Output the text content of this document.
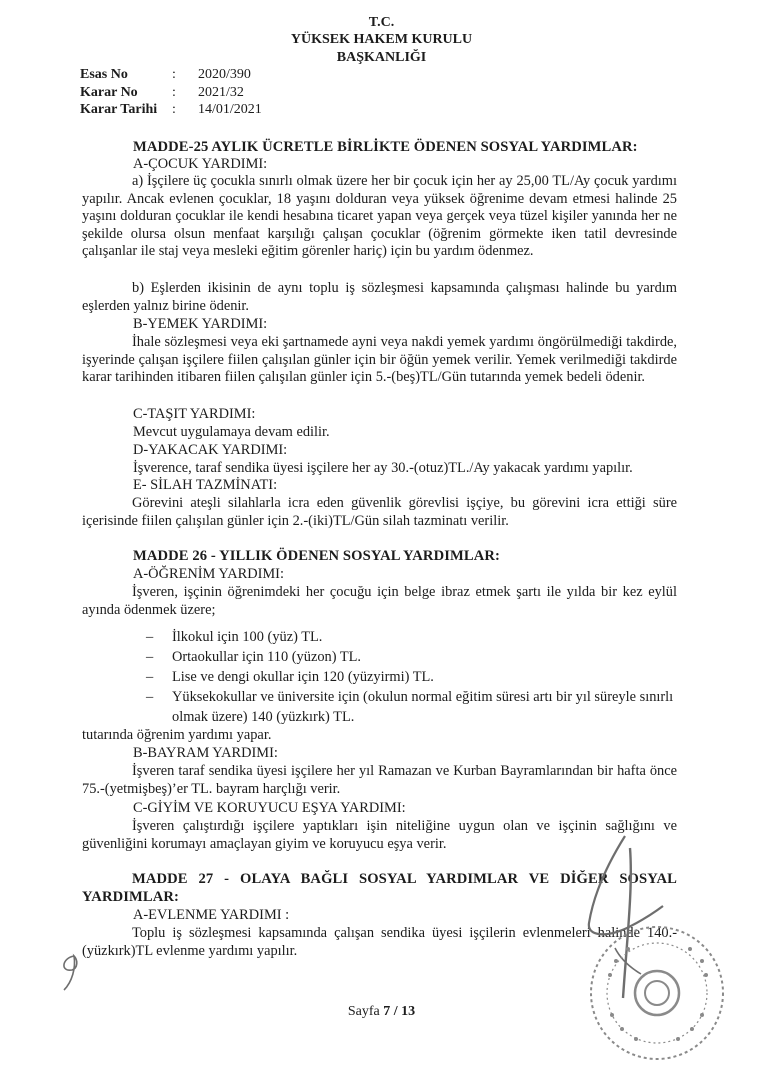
T.C.
YÜKSEK HAKEM KURULU
BAŞKANLIĞI
Esas No	:	2020/390
Karar No	:	2021/32
Karar Tarihi	:	14/01/2021
MADDE-25 AYLIK ÜCRETLE BİRLİKTE ÖDENEN SOSYAL YARDIMLAR:
A-ÇOCUK YARDIMI:
a) İşçilere üç çocukla sınırlı olmak üzere her bir çocuk için her ay 25,00 TL/Ay çocuk yardımı yapılır. Ancak evlenen çocuklar, 18 yaşını dolduran veya yüksek öğrenime devam etmesi halinde 25 yaşını dolduran çocuklar ile kendi hesabına ticaret yapan veya gerçek veya tüzel kişiler yanında her ne şekilde olursa olsun menfaat karşılığı çalışan çocuklar (öğrenim görmekte iken tatil devresinde çalışanlar ile staj veya mesleki eğitim görenler hariç) için bu yardım ödenmez.
b) Eşlerden ikisinin de aynı toplu iş sözleşmesi kapsamında çalışması halinde bu yardım eşlerden yalnız birine ödenir.
B-YEMEK YARDIMI:
İhale sözleşmesi veya eki şartnamede ayni veya nakdi yemek yardımı öngörülmediği takdirde, işyerinde çalışan işçilere fiilen çalışılan günler için bir öğün yemek verilir. Yemek verilmediği takdirde karar tarihinden itibaren fiilen çalışılan günler için 5.-(beş)TL/Gün tutarında yemek bedeli ödenir.
C-TAŞIT YARDIMI:
Mevcut uygulamaya devam edilir.
D-YAKACAK YARDIMI:
İşverence, taraf sendika üyesi işçilere her ay 30.-(otuz)TL./Ay yakacak yardımı yapılır.
E- SİLAH TAZMİNATI:
Görevini ateşli silahlarla icra eden güvenlik görevlisi işçiye, bu görevini icra ettiği süre içerisinde fiilen çalışılan günler için 2.-(iki)TL/Gün silah tazminatı verilir.
MADDE 26 - YILLIK ÖDENEN SOSYAL YARDIMLAR:
A-ÖĞRENİM YARDIMI:
İşveren, işçinin öğrenimdeki her çocuğu için belge ibraz etmek şartı ile yılda bir kez eylül ayında ödenmek üzere;
–	İlkokul için 100 (yüz) TL.
–	Ortaokullar için 110 (yüzon) TL.
–	Lise ve dengi okullar için 120 (yüzyirmi) TL.
–	Yüksekokullar ve üniversite için (okulun normal eğitim süresi artı bir yıl süreyle sınırlı olmak üzere) 140 (yüzkırk) TL.
tutarında öğrenim yardımı yapar.
B-BAYRAM YARDIMI:
İşveren taraf sendika üyesi işçilere her yıl Ramazan ve Kurban Bayramlarından bir hafta önce 75.-(yetmişbeş)’er TL. bayram harçlığı verir.
C-GİYİM VE KORUYUCU EŞYA YARDIMI:
İşveren çalıştırdığı işçilere yaptıkları işin niteliğine uygun olan ve işçinin sağlığını ve güvenliğini korumayı amaçlayan giyim ve koruyucu eşya verir.
MADDE 27 - OLAYA BAĞLI SOSYAL YARDIMLAR VE DİĞER SOSYAL YARDIMLAR:
A-EVLENME YARDIMI :
Toplu iş sözleşmesi kapsamında çalışan sendika üyesi işçilerin evlenmeleri halinde 140.-(yüzkırk)TL evlenme yardımı yapılır.
Sayfa 7 / 13
